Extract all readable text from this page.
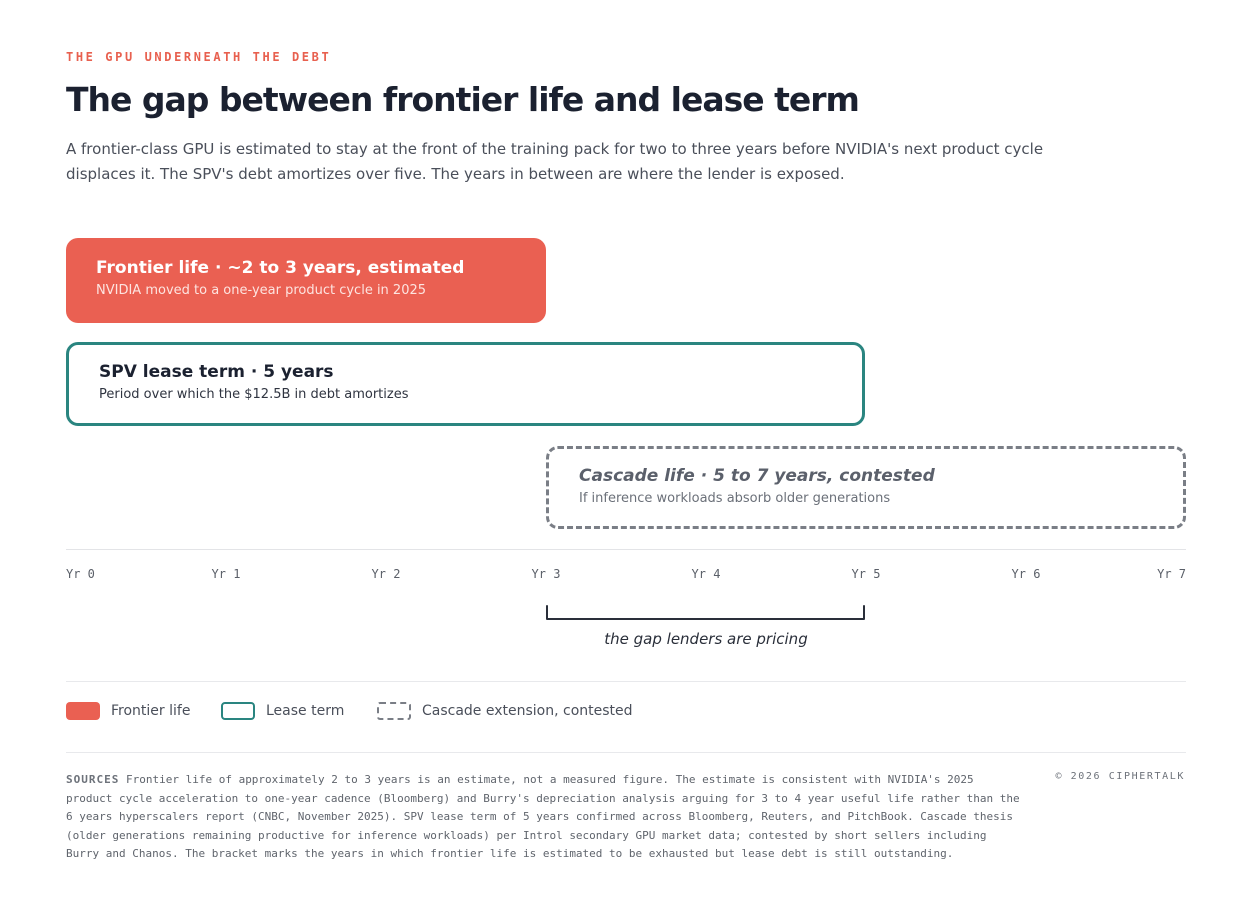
THE GPU UNDERNEATH THE DEBT
The gap between frontier life and lease term
A frontier-class GPU is estimated to stay at the front of the training pack for two to three years before NVIDIA's next product cycle displaces it. The SPV's debt amortizes over five. The years in between are where the lender is exposed.
Frontier life · ~2 to 3 years, estimated
NVIDIA moved to a one-year product cycle in 2025
SPV lease term · 5 years
Period over which the $12.5B in debt amortizes
Cascade life · 5 to 7 years, contested
If inference workloads absorb older generations
Yr 0	Yr 1	Yr 2	Yr 3	Yr 4	Yr 5	Yr 6	Yr 7
the gap lenders are pricing
Frontier life	Lease term	Cascade extension, contested
SOURCES Frontier life of approximately 2 to 3 years is an estimate, not a measured figure. The estimate is consistent with NVIDIA's 2025 product cycle acceleration to one-year cadence (Bloomberg) and Burry's depreciation analysis arguing for 3 to 4 year useful life rather than the 6 years hyperscalers report (CNBC, November 2025). SPV lease term of 5 years confirmed across Bloomberg, Reuters, and PitchBook. Cascade thesis (older generations remaining productive for inference workloads) per Introl secondary GPU market data; contested by short sellers including Burry and Chanos. The bracket marks the years in which frontier life is estimated to be exhausted but lease debt is still outstanding.
© 2026 CIPHERTALK
